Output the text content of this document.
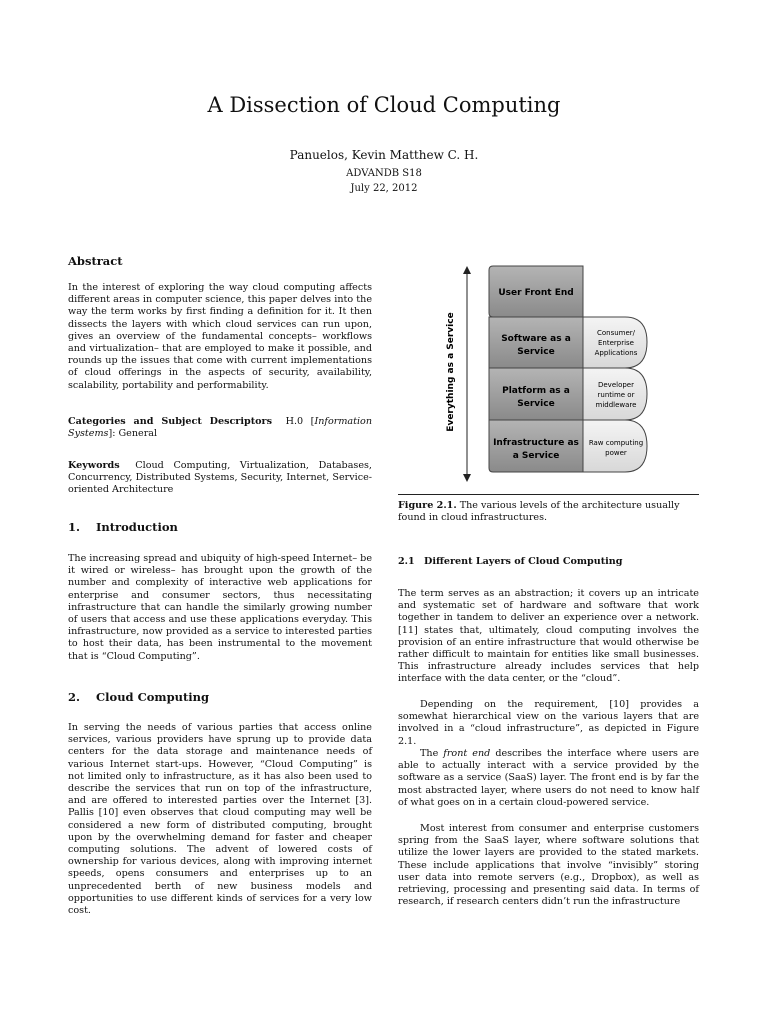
A Dissection of Cloud Computing
Panuelos, Kevin Matthew C. H.
ADVANDB S18
July 22, 2012
Abstract
In the interest of exploring the way cloud computing affects different areas in computer science, this paper delves into the way the term works by first finding a definition for it. It then dissects the layers with which cloud services can run upon, gives an overview of the fundamental concepts– workflows and virtualization– that are employed to make it possible, and rounds up the issues that come with current implementations of cloud offerings in the aspects of security, availability, scalability, portability and performability.
Categories and Subject Descriptors H.0 [Information Systems]: General
Keywords Cloud Computing, Virtualization, Databases, Concurrency, Distributed Systems, Security, Internet, Service-oriented Architecture
1. Introduction
The increasing spread and ubiquity of high-speed Internet– be it wired or wireless– has brought upon the growth of the number and complexity of interactive web applications for enterprise and consumer sectors, thus necessitating infrastructure that can handle the similarly growing number of users that access and use these applications everyday. This infrastructure, now provided as a service to interested parties to host their data, has been instrumental to the movement that is “Cloud Computing”.
2. Cloud Computing
In serving the needs of various parties that access online services, various providers have sprung up to provide data centers for the data storage and maintenance needs of various Internet start-ups. However, “Cloud Computing” is not limited only to infrastructure, as it has also been used to describe the services that run on top of the infrastructure, and are offered to interested parties over the Internet [3]. Pallis [10] even observes that cloud computing may well be considered a new form of distributed computing, brought upon by the overwhelming demand for faster and cheaper computing solutions. The advent of lowered costs of ownership for various devices, along with improving internet speeds, opens consumers and enterprises up to an unprecedented berth of new business models and opportunities to use different kinds of services for a very low cost.
Everything as a Service
User Front End
Software as a
Service
Platform as a
Service
Infrastructure as
a Service
Consumer/
Enterprise
Applications
Developer
runtime or
middleware
Raw computing
power
Figure 2.1. The various levels of the architecture usually found in cloud infrastructures.
2.1 Different Layers of Cloud Computing
The term serves as an abstraction; it covers up an intricate and systematic set of hardware and software that work together in tandem to deliver an experience over a network. [11] states that, ultimately, cloud computing involves the provision of an entire infrastructure that would otherwise be rather difficult to maintain for entities like small businesses. This infrastructure already includes services that help interface with the data center, or the “cloud”.
Depending on the requirement, [10] provides a somewhat hierarchical view on the various layers that are involved in a “cloud infrastructure”, as depicted in Figure 2.1.
The front end describes the interface where users are able to actually interact with a service provided by the software as a service (SaaS) layer. The front end is by far the most abstracted layer, where users do not need to know half of what goes on in a certain cloud-powered service.
Most interest from consumer and enterprise customers spring from the SaaS layer, where software solutions that utilize the lower layers are provided to the stated markets. These include applications that involve “invisibly” storing user data into remote servers (e.g., Dropbox), as well as retrieving, processing and presenting said data. In terms of research, if research centers didn’t run the infrastructure
